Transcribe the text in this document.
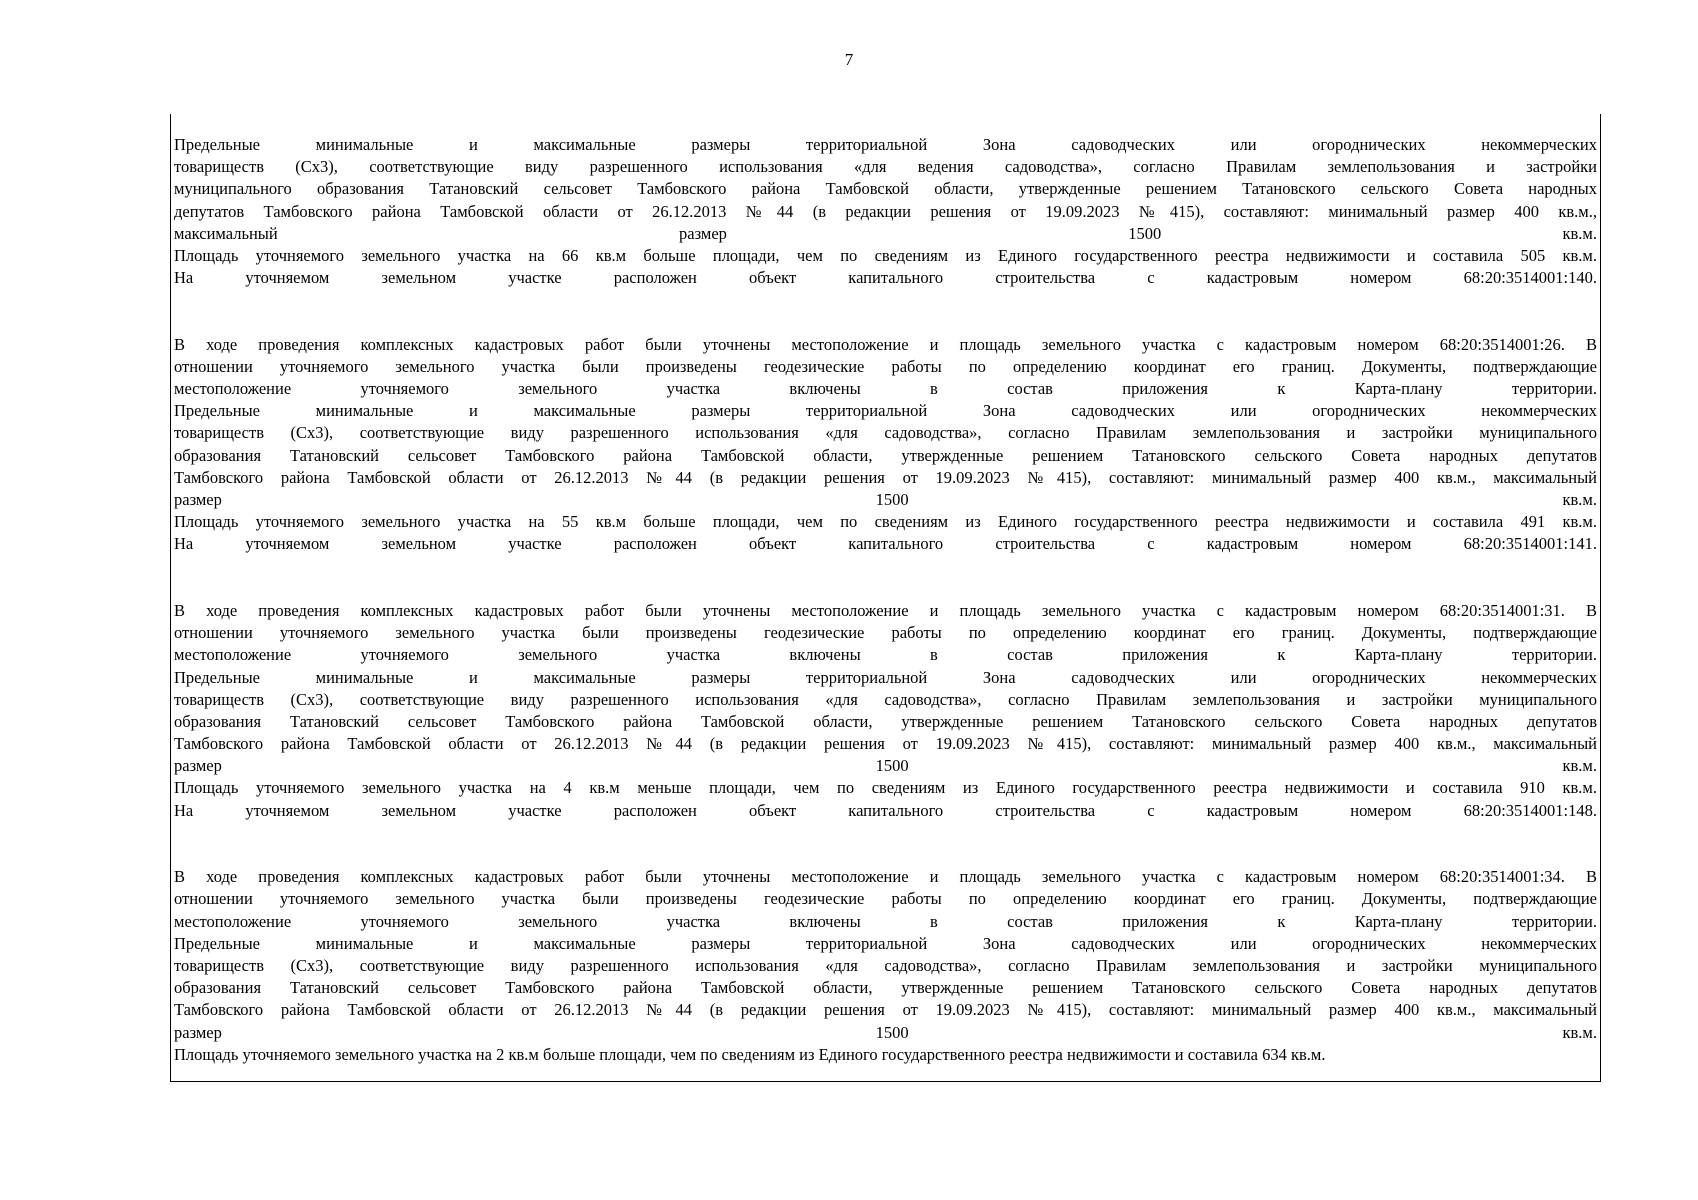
7
Предельные минимальные и максимальные размеры территориальной Зона садоводческих или огороднических некоммерческих
товариществ (Сх3), соответствующие виду разрешенного использования «для ведения садоводства», согласно Правилам землепользования и застройки
муниципального образования Татановский сельсовет Тамбовского района Тамбовской области, утвержденные решением Татановского сельского Совета народных
депутатов Тамбовского района Тамбовской области от 26.12.2013 №44 (в редакции решения от 19.09.2023 №415), составляют: минимальный размер 400 кв.м.,
максимальный размер 1500 кв.м.
Площадь уточняемого земельного участка на 66 кв.м больше площади, чем по сведениям из Единого государственного реестра недвижимости и составила 505 кв.м.
На уточняемом земельном участке расположен объект капитального строительства с кадастровым номером 68:20:3514001:140.
В ходе проведения комплексных кадастровых работ были уточнены местоположение и площадь земельного участка с кадастровым номером 68:20:3514001:26. В
отношении уточняемого земельного участка были произведены геодезические работы по определению координат его границ. Документы, подтверждающие
местоположение уточняемого земельного участка включены в состав приложения к Карта-плану территории.
Предельные минимальные и максимальные размеры территориальной Зона садоводческих или огороднических некоммерческих
товариществ (Сх3), соответствующие виду разрешенного использования «для садоводства», согласно Правилам землепользования и застройки муниципального
образования Татановский сельсовет Тамбовского района Тамбовской области, утвержденные решением Татановского сельского Совета народных депутатов
Тамбовского района Тамбовской области от 26.12.2013 №44 (в редакции решения от 19.09.2023 №415), составляют: минимальный размер 400 кв.м., максимальный
размер 1500 кв.м.
Площадь уточняемого земельного участка на 55 кв.м больше площади, чем по сведениям из Единого государственного реестра недвижимости и составила 491 кв.м.
На уточняемом земельном участке расположен объект капитального строительства с кадастровым номером 68:20:3514001:141.
В ходе проведения комплексных кадастровых работ были уточнены местоположение и площадь земельного участка с кадастровым номером 68:20:3514001:31. В
отношении уточняемого земельного участка были произведены геодезические работы по определению координат его границ. Документы, подтверждающие
местоположение уточняемого земельного участка включены в состав приложения к Карта-плану территории.
Предельные минимальные и максимальные размеры территориальной Зона садоводческих или огороднических некоммерческих
товариществ (Сх3), соответствующие виду разрешенного использования «для садоводства», согласно Правилам землепользования и застройки муниципального
образования Татановский сельсовет Тамбовского района Тамбовской области, утвержденные решением Татановского сельского Совета народных депутатов
Тамбовского района Тамбовской области от 26.12.2013 №44 (в редакции решения от 19.09.2023 №415), составляют: минимальный размер 400 кв.м., максимальный
размер 1500 кв.м.
Площадь уточняемого земельного участка на 4 кв.м меньше площади, чем по сведениям из Единого государственного реестра недвижимости и составила 910 кв.м.
На уточняемом земельном участке расположен объект капитального строительства с кадастровым номером 68:20:3514001:148.
В ходе проведения комплексных кадастровых работ были уточнены местоположение и площадь земельного участка с кадастровым номером 68:20:3514001:34. В
отношении уточняемого земельного участка были произведены геодезические работы по определению координат его границ. Документы, подтверждающие
местоположение уточняемого земельного участка включены в состав приложения к Карта-плану территории.
Предельные минимальные и максимальные размеры территориальной Зона садоводческих или огороднических некоммерческих
товариществ (Сх3), соответствующие виду разрешенного использования «для садоводства», согласно Правилам землепользования и застройки муниципального
образования Татановский сельсовет Тамбовского района Тамбовской области, утвержденные решением Татановского сельского Совета народных депутатов
Тамбовского района Тамбовской области от 26.12.2013 №44 (в редакции решения от 19.09.2023 №415), составляют: минимальный размер 400 кв.м., максимальный
размер 1500 кв.м.
Площадь уточняемого земельного участка на 2 кв.м больше площади, чем по сведениям из Единого государственного реестра недвижимости и составила 634 кв.м.
